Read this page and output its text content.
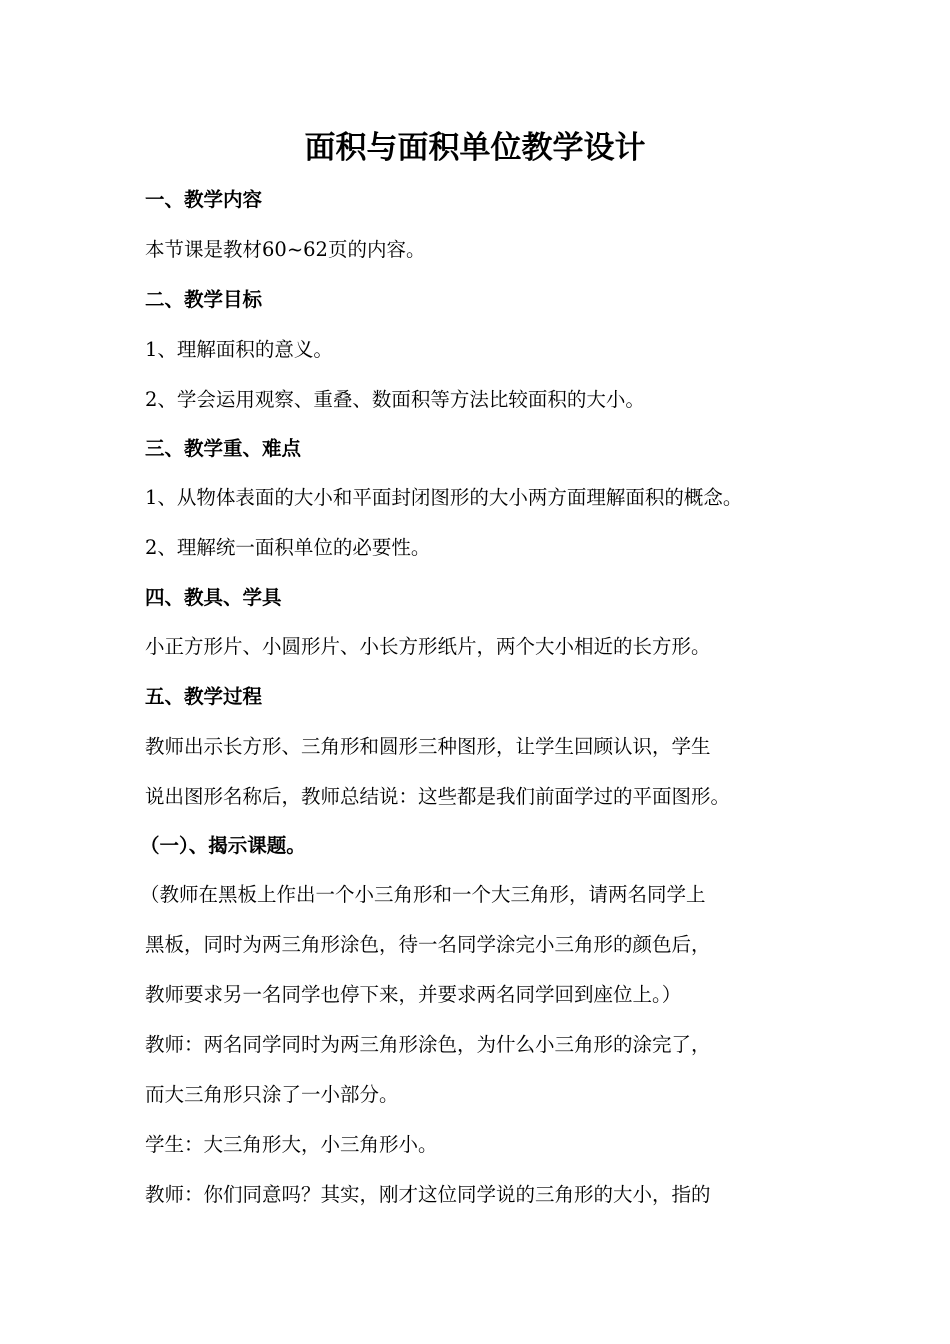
面积与面积单位教学设计

一、教学内容

本节课是教材60~62页的内容。

二、教学目标

1、理解面积的意义。

2、学会运用观察、重叠、数面积等方法比较面积的大小。

三、教学重、难点

1、从物体表面的大小和平面封闭图形的大小两方面理解面积的概念。

2、理解统一面积单位的必要性。

四、教具、学具

小正方形片、小圆形片、小长方形纸片，两个大小相近的长方形。

五、教学过程

教师出示长方形、三角形和圆形三种图形，让学生回顾认识，学生

说出图形名称后，教师总结说：这些都是我们前面学过的平面图形。

（一）、揭示课题。

（教师在黑板上作出一个小三角形和一个大三角形，请两名同学上

黑板，同时为两三角形涂色，待一名同学涂完小三角形的颜色后，

教师要求另一名同学也停下来，并要求两名同学回到座位上。）

教师：两名同学同时为两三角形涂色，为什么小三角形的涂完了，

而大三角形只涂了一小部分。

学生：大三角形大，小三角形小。

教师：你们同意吗？其实，刚才这位同学说的三角形的大小，指的
